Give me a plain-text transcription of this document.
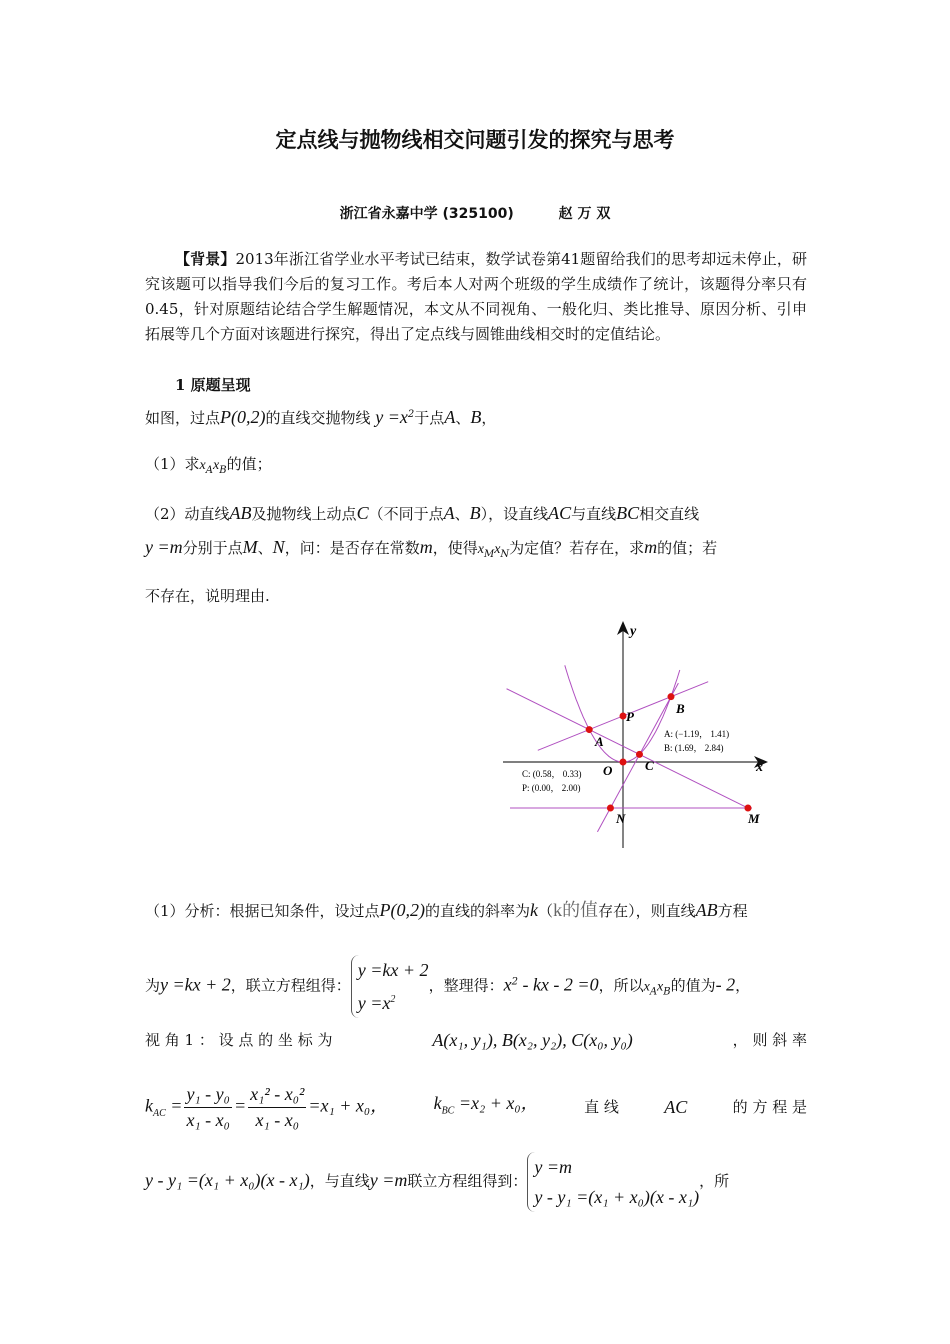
定点线与抛物线相交问题引发的探究与思考
浙江省永嘉中学 (325100)	赵 万 双
【背景】2013年浙江省学业水平考试已结束，数学试卷第41题留给我们的思考却远未停止，研究该题可以指导我们今后的复习工作。考后本人对两个班级的学生成绩作了统计，该题得分率只有0.45，针对原题结论结合学生解题情况，本文从不同视角、一般化归、类比推导、原因分析、引申拓展等几个方面对该题进行探究，得出了定点线与圆锥曲线相交时的定值结论。
1 原题呈现
如图，过点P(0,2)的直线交抛物线 $y =x^2$于点A、B，
（1）求$x_Ax_B$的值；
（2）动直线AB及抛物线上动点C（不同于点A、B），设直线AC与直线BC相交直线
y =m分别于点M、N，问：是否存在常数m，使得$x_Mx_N$为定值？若存在，求m的值；若
不存在，说明理由.
y
x
B
P
A
O	C
N	M
A: (−1.19， 1.41)
B: (1.69， 2.84)
C: (0.58， 0.33)
P: (0.00， 2.00)
（1）分析：根据已知条件，设过点P(0,2)的直线的斜率为k（k的值存在），则直线AB方程
为y =kx + 2，联立方程组得：y =kx + 2
$y =x^2$，整理得：$x^2$ - kx - 2 =0，所以$x_Ax_B$的值为- 2，
视 角 1 ： 设 点 的 坐 标 为	A(x₁, y₁), B(x₂, y₂), C(x₀, y₀)	， 则 斜 率
$k_{AC} = \frac{\text{y₁ - y₀}}{\text{x₁ - x₀}} = \frac{\text{x₁² - x₀²}}{\text{x₁ - x₀}} =x_1 + x_0$，	$k_{BC} =x_2 + x_0$，	直 线	AC	的 方 程 是
y - y₁ =(x₁ + x₀)(x - x₁)，与直线y =m联立方程组得到：y =m
y - y₁ =(x₁ + x₀)(x - x₁)，所
